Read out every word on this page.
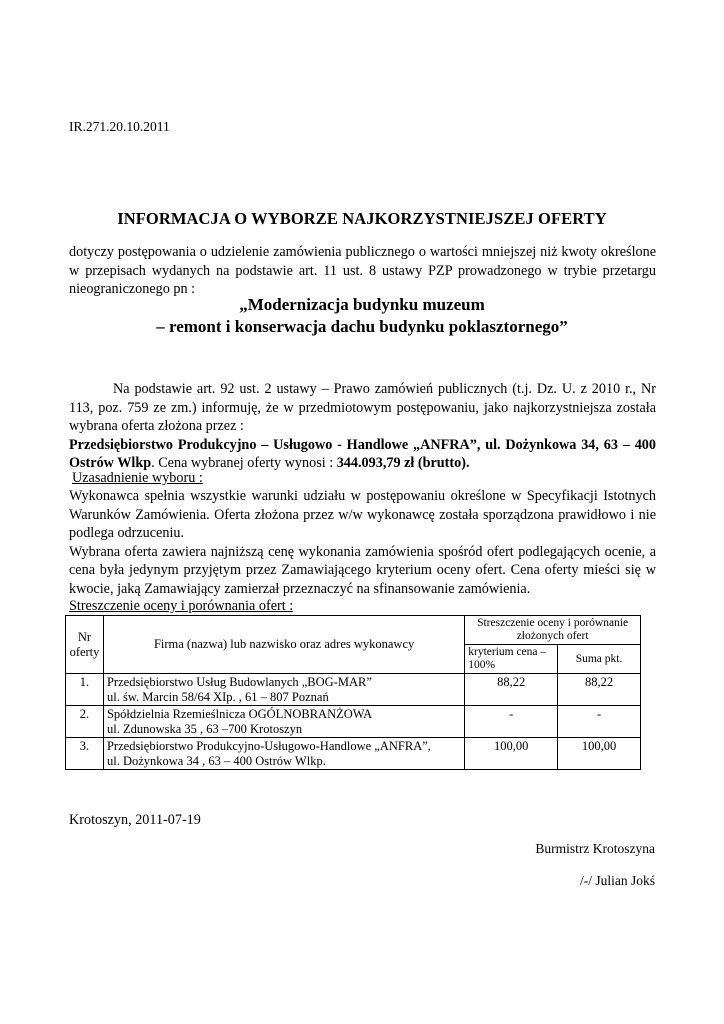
IR.271.20.10.2011
INFORMACJA O WYBORZE NAJKORZYSTNIEJSZEJ OFERTY
dotyczy postępowania o udzielenie zamówienia publicznego o wartości mniejszej niż kwoty określone w przepisach wydanych na podstawie art. 11 ust. 8 ustawy PZP prowadzonego w trybie przetargu nieograniczonego pn :
„Modernizacja budynku muzeum
– remont i konserwacja dachu budynku poklasztornego”
Na podstawie art. 92 ust. 2 ustawy – Prawo zamówień publicznych (t.j. Dz. U. z 2010 r., Nr 113, poz. 759 ze zm.) informuję, że w przedmiotowym postępowaniu, jako najkorzystniejsza została wybrana oferta złożona przez :
Przedsiębiorstwo Produkcyjno – Usługowo - Handlowe „ANFRA”, ul. Dożynkowa 34, 63 – 400 Ostrów Wlkp. Cena wybranej oferty wynosi : 344.093,79 zł (brutto).
Uzasadnienie wyboru :
Wykonawca spełnia wszystkie warunki udziału w postępowaniu określone w Specyfikacji Istotnych Warunków Zamówienia. Oferta złożona przez w/w wykonawcę została sporządzona prawidłowo i nie podlega odrzuceniu.
Wybrana oferta zawiera najniższą cenę wykonania zamówienia spośród ofert podlegających ocenie, a cena była jedynym przyjętym przez Zamawiającego kryterium oceny ofert. Cena oferty mieści się w kwocie, jaką Zamawiający zamierzał przeznaczyć na sfinansowanie zamówienia.
Streszczenie oceny i porównania ofert :
Nr oferty	Firma (nazwa) lub nazwisko oraz adres wykonawcy	Streszczenie oceny i porównanie złożonych ofert	
		kryterium cena – 100%	Suma pkt.
1.	Przedsiębiorstwo Usług Budowlanych „BOG-MAR”
ul. św. Marcin 58/64 XIp. , 61 – 807 Poznań	88,22	88,22
2.	Spółdzielnia Rzemieślnicza OGÓLNOBRANŻOWA
ul. Zdunowska 35 , 63 –700 Krotoszyn	-	-
3.	Przedsiębiorstwo Produkcyjno-Usługowo-Handlowe „ANFRA”,
ul. Dożynkowa 34 , 63 – 400 Ostrów Wlkp.	100,00	100,00
Krotoszyn, 2011-07-19
Burmistrz Krotoszyna
/-/ Julian Jokś
